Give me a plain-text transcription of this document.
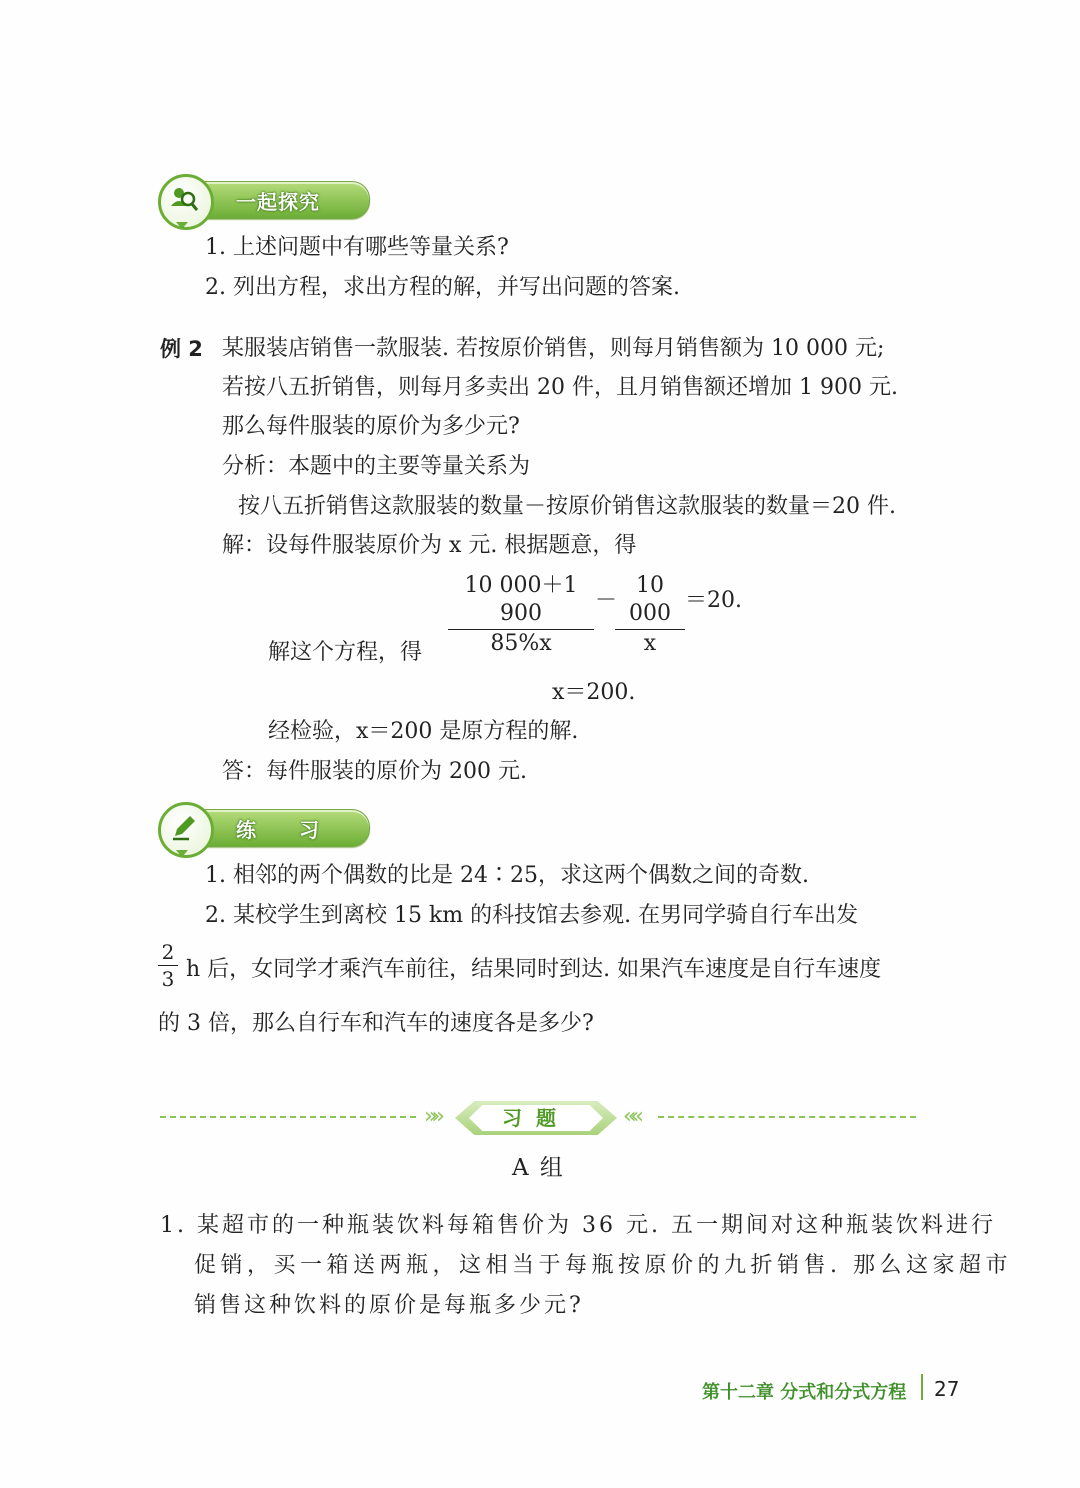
一起探究
1. 上述问题中有哪些等量关系?
2. 列出方程，求出方程的解，并写出问题的答案.
例 2 某服装店销售一款服装. 若按原价销售，则每月销售额为 10 000 元;
若按八五折销售，则每月多卖出 20 件，且月销售额还增加 1 900 元.
那么每件服装的原价为多少元?
分析：本题中的主要等量关系为
按八五折销售这款服装的数量－按原价销售这款服装的数量＝20 件.
解：设每件服装原价为 x 元. 根据题意，得
$\frac{10 000+1 900}{85\%x}$ －
$\frac{10 000}{x} =20$.
解这个方程，得
x＝200.
经检验，x＝200 是原方程的解.
答：每件服装的原价为 200 元.
练 习
1. 相邻的两个偶数的比是 24∶25，求这两个偶数之间的奇数.
2. 某校学生到离校 15 km 的科技馆去参观. 在男同学骑自行车出发
$\frac{2}{3}$ h 后，女同学才乘汽车前往，结果同时到达. 如果汽车速度是自行车速度
的 3 倍，那么自行车和汽车的速度各是多少?
»»	习题	««
A 组
1. 某超市的一种瓶装饮料每箱售价为 36 元. 五一期间对这种瓶装饮料进行
促销，买一箱送两瓶，这相当于每瓶按原价的九折销售. 那么这家超市
销售这种饮料的原价是每瓶多少元?
第十二章 分式和分式方程 27
